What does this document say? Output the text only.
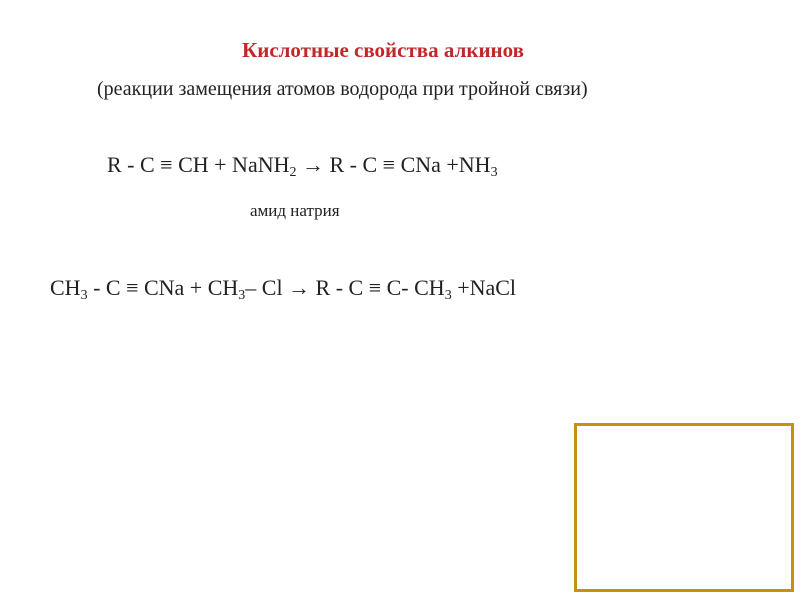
Кислотные свойства алкинов
(реакции замещения атомов водорода при тройной связи)
R - C ≡ CH + NaNH$_2$ → R - C ≡ CNa $+NH_3$
амид натрия
$CH_3$ - C ≡ CNa + $CH_3-$ Cl → R - C ≡ C- $CH_3$ +NaCl
